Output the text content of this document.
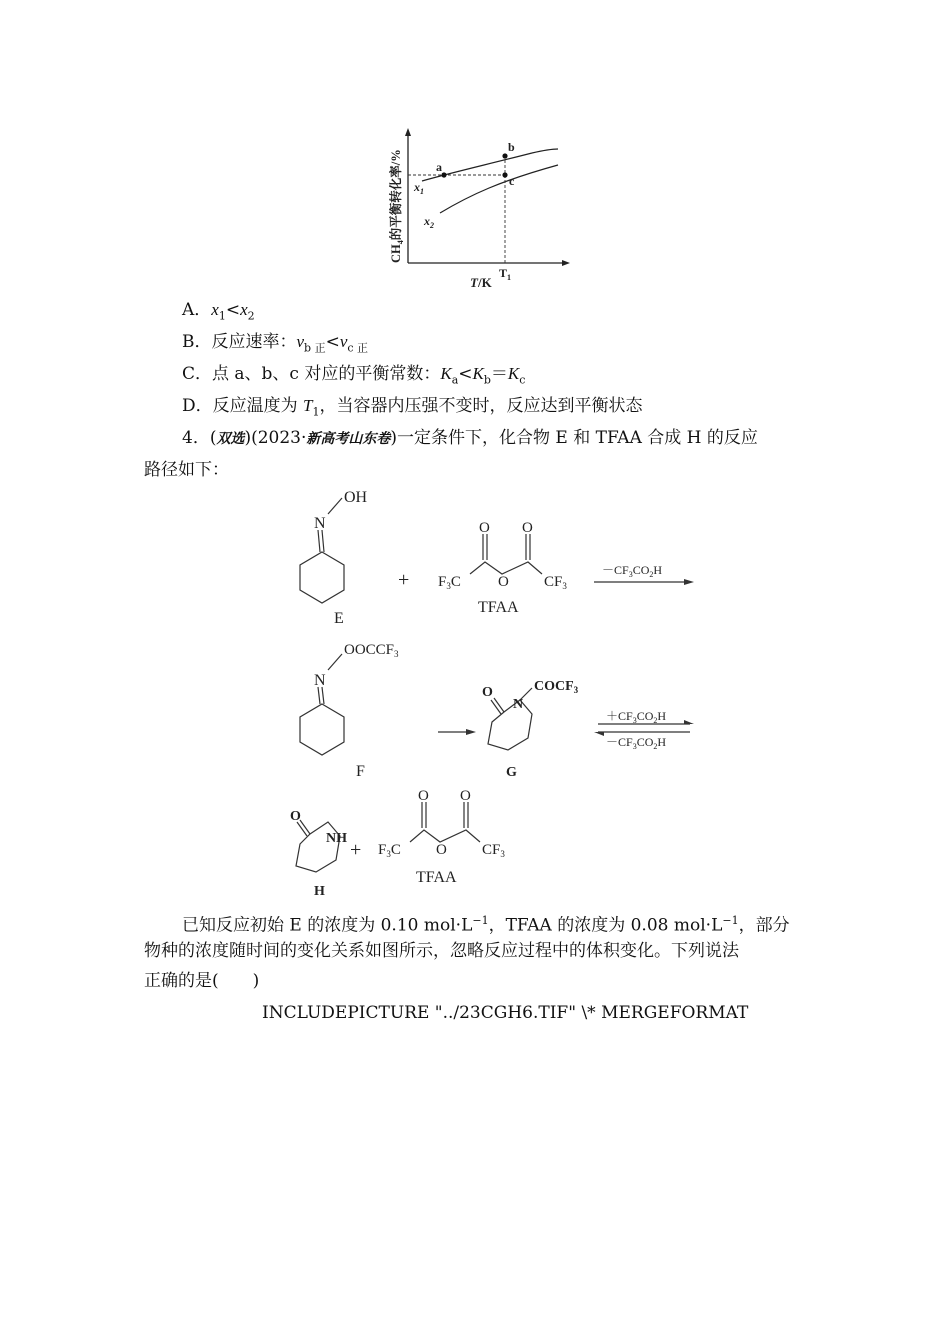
a
b
c
$x_1$
$x_2$
$T_1$
T/K
$CH_4$的平衡转化率/%
A．$x_1<x_2$
B．反应速率：$v_{b 正}<v_{c 正}$
C．点 a、b、c 对应的平衡常数：$K_a<K_b=K_c$
D．反应温度为 $T_1$，当容器内压强不变时，反应达到平衡状态
4．(双选)(2023·新高考山东卷)一定条件下，化合物 E 和 TFAA 合成 H 的反应
路径如下：
OH
N
E
+
O O
O
$F_3C$	$CF_3$
TFAA
$-CF_3CO_2H$
$OOCCF_3$
N
F
O
N
$COCF_3$
G
$+CF_3CO_2H$
$-CF_3CO_2H$
O
NH
H
+
O O
O
$F_3C$	$CF_3$
TFAA
已知反应初始 E 的浓度为 0.10 $mol\cdot L^{-1}$，TFAA 的浓度为 0.08 $mol\cdot L^{-1}$，部分
物种的浓度随时间的变化关系如图所示，忽略反应过程中的体积变化。下列说法
正确的是(　　)
INCLUDEPICTURE "../23CGH6.TIF" \* MERGEFORMAT
